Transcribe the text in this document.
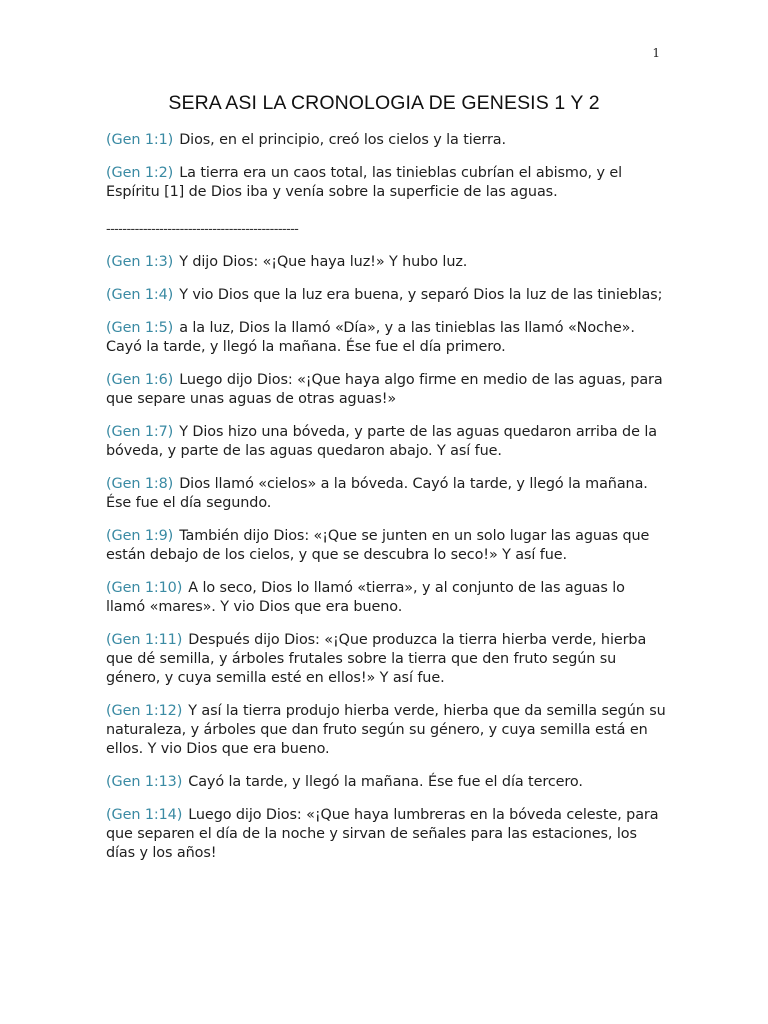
1
SERA ASI LA CRONOLOGIA DE GENESIS 1 Y 2

(Gen 1:1) Dios, en el principio, creó los cielos y la tierra.

(Gen 1:2) La tierra era un caos total, las tinieblas cubrían el abismo, y el Espíritu [1] de Dios iba y venía sobre la superficie de las aguas.

-----------------------------------------------

(Gen 1:3) Y dijo Dios: «¡Que haya luz!» Y hubo luz.

(Gen 1:4) Y vio Dios que la luz era buena, y separó Dios la luz de las tinieblas;

(Gen 1:5) a la luz, Dios la llamó «Día», y a las tinieblas las llamó «Noche». Cayó la tarde, y llegó la mañana. Ése fue el día primero.

(Gen 1:6) Luego dijo Dios: «¡Que haya algo firme en medio de las aguas, para que separe unas aguas de otras aguas!»

(Gen 1:7) Y Dios hizo una bóveda, y parte de las aguas quedaron arriba de la bóveda, y parte de las aguas quedaron abajo. Y así fue.

(Gen 1:8) Dios llamó «cielos» a la bóveda. Cayó la tarde, y llegó la mañana. Ése fue el día segundo.

(Gen 1:9) También dijo Dios: «¡Que se junten en un solo lugar las aguas que están debajo de los cielos, y que se descubra lo seco!» Y así fue.

(Gen 1:10) A lo seco, Dios lo llamó «tierra», y al conjunto de las aguas lo llamó «mares». Y vio Dios que era bueno.

(Gen 1:11) Después dijo Dios: «¡Que produzca la tierra hierba verde, hierba que dé semilla, y árboles frutales sobre la tierra que den fruto según su género, y cuya semilla esté en ellos!» Y así fue.

(Gen 1:12) Y así la tierra produjo hierba verde, hierba que da semilla según su naturaleza, y árboles que dan fruto según su género, y cuya semilla está en ellos. Y vio Dios que era bueno.

(Gen 1:13) Cayó la tarde, y llegó la mañana. Ése fue el día tercero.

(Gen 1:14) Luego dijo Dios: «¡Que haya lumbreras en la bóveda celeste, para que separen el día de la noche y sirvan de señales para las estaciones, los días y los años!
